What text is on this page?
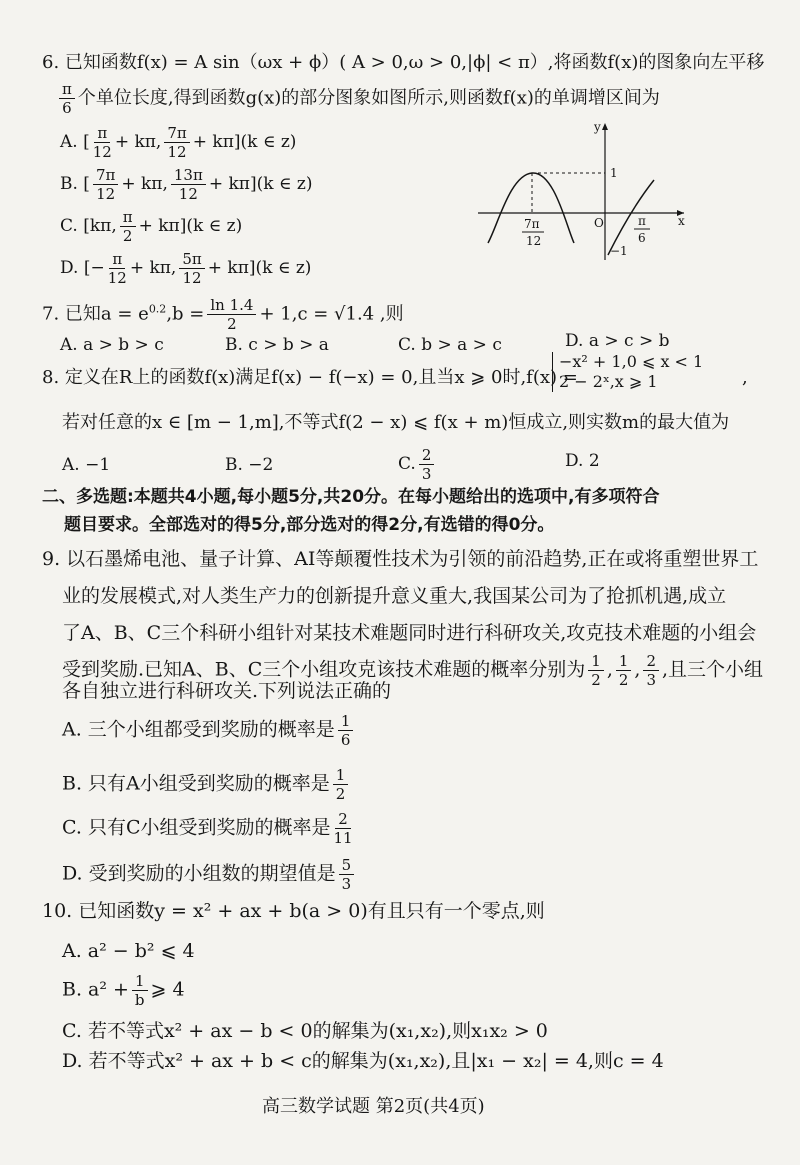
6. 已知函数f(x) = A sin（ωx + ϕ）( A > 0,ω > 0,|ϕ| < π）,将函数f(x)的图象向左平移
$\frac{\pi}{6}$ 个单位长度,得到函数g(x)的部分图象如图所示,则函数f(x)的单调增区间为
A. [ $\frac{\pi}{12} + k\pi$, $\frac{7\pi}{12} + k\pi](k$ ∈ z)
B. [ $\frac{7\pi}{12} + k\pi$, $\frac{13\pi}{12} + k\pi](k$ ∈ z)
C. [kπ, $\frac{\pi}{2} + k\pi](k$ ∈ z)
D. [− $\frac{\pi}{12} + k\pi$, $\frac{5\pi}{12} + k\pi](k$ ∈ z)
y
x
O
1
−1
7π
12
π
6
7. 已知$a = e^{0.2},b = \frac{\ln 1.4}{2} + 1,c = √1.4$ ,则
A. a > b > c	B. c > b > a	C. b > a > c	D. a > c > b
8. 定义在R上的函数f(x)满足f(x) − f(−x) = 0,且当x ⩾ 0时,f(x) =
−x² + 1,0 ⩽ x < 1
2 − 2ˣ,x ⩾ 1	,
若对任意的x ∈ [m − 1,m],不等式f(2 − x) ⩽ f(x + m)恒成立,则实数m的最大值为
A. −1	B. −2	C. $\frac{2}{3}$	D. 2
二、多选题:本题共4小题,每小题5分,共20分。在每小题给出的选项中,有多项符合
题目要求。全部选对的得5分,部分选对的得2分,有选错的得0分。
9. 以石墨烯电池、量子计算、AI等颠覆性技术为引领的前沿趋势,正在或将重塑世界工
业的发展模式,对人类生产力的创新提升意义重大,我国某公司为了抢抓机遇,成立
了A、B、C三个科研小组针对某技术难题同时进行科研攻关,攻克技术难题的小组会
受到奖励.已知A、B、C三个小组攻克该技术难题的概率分别为 $\frac{1}{2}$ , $\frac{1}{2}$ , $\frac{2}{3}$ ,且三个小组
各自独立进行科研攻关.下列说法正确的
A. 三个小组都受到奖励的概率是 $\frac{1}{6}$
B. 只有A小组受到奖励的概率是 $\frac{1}{2}$
C. 只有C小组受到奖励的概率是 $\frac{2}{11}$
D. 受到奖励的小组数的期望值是 $\frac{5}{3}$
10. 已知函数y = x² + ax + b(a > 0)有且只有一个零点,则
A. a² − b² ⩽ 4
B. $a^2 + \frac{1}{b}$ ⩾ 4
C. 若不等式x² + ax − b < 0的解集为(x₁,x₂),则x₁x₂ > 0
D. 若不等式x² + ax + b < c的解集为(x₁,x₂),且|x₁ − x₂| = 4,则c = 4
高三数学试题 第2页(共4页)
